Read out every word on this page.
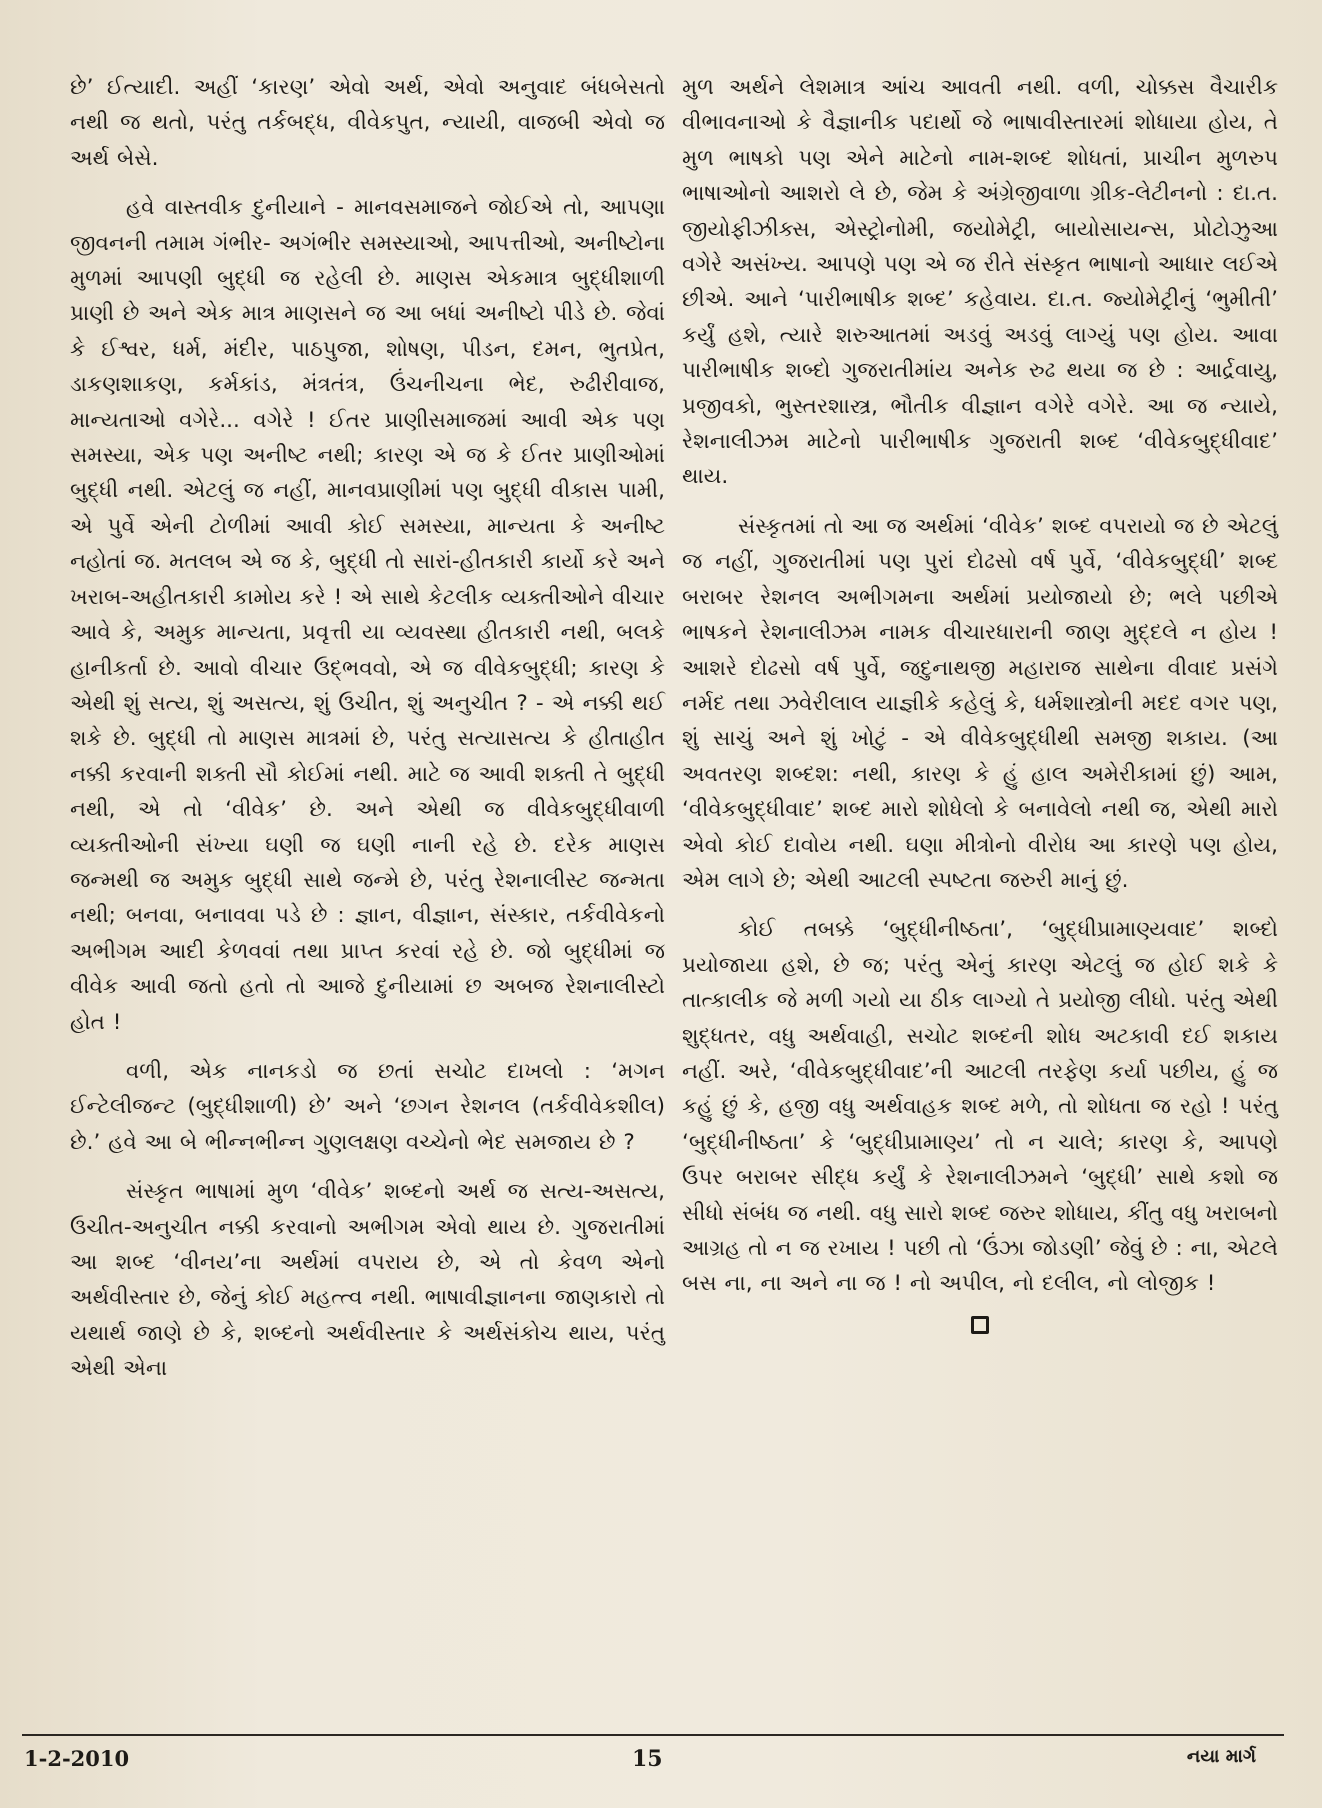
છે’ ઈત્યાદી. અહીં ‘કારણ’ એવો અર્થ, એવો અનુવાદ બંધબેસતો નથી જ થતો, પરંતુ તર્કબદ્ધ, વીવેકપુત, ન્યાયી, વાજબી એવો જ અર્થ બેસે.

હવે વાસ્તવીક દુનીયાને - માનવસમાજને જોઈએ તો, આપણા જીવનની તમામ ગંભીર- અગંભીર સમસ્યાઓ, આપત્તીઓ, અનીષ્ટોના મુળમાં આપણી બુદ્ધી જ રહેલી છે. માણસ એકમાત્ર બુદ્ધીશાળી પ્રાણી છે અને એક માત્ર માણસને જ આ બધાં અનીષ્ટો પીડે છે. જેવાં કે ઈશ્વર, ધર્મ, મંદીર, પાઠપુજા, શોષણ, પીડન, દમન, ભુતપ્રેત, ડાકણશાકણ, કર્મકાંડ, મંત્રતંત્ર, ઉંચનીચના ભેદ, રુઢીરીવાજ, માન્યતાઓ વગેરે... વગેરે ! ઈતર પ્રાણીસમાજમાં આવી એક પણ સમસ્યા, એક પણ અનીષ્ટ નથી; કારણ એ જ કે ઈતર પ્રાણીઓમાં બુદ્ધી નથી. એટલું જ નહીં, માનવપ્રાણીમાં પણ બુદ્ધી વીકાસ પામી, એ પુર્વે એની ટોળીમાં આવી કોઈ સમસ્યા, માન્યતા કે અનીષ્ટ નહોતાં જ. મતલબ એ જ કે, બુદ્ધી તો સારાં-હીતકારી કાર્યો કરે અને ખરાબ-અહીતકારી કામોય કરે ! એ સાથે કેટલીક વ્યક્તીઓને વીચાર આવે કે, અમુક માન્યતા, પ્રવૃત્તી યા વ્યવસ્થા હીતકારી નથી, બલકે હાનીકર્તા છે. આવો વીચાર ઉદ્ભવવો, એ જ વીવેકબુદ્ધી; કારણ કે એથી શું સત્ય, શું અસત્ય, શું ઉચીત, શું અનુચીત ? - એ નક્કી થઈ શકે છે. બુદ્ધી તો માણસ માત્રમાં છે, પરંતુ સત્યાસત્ય કે હીતાહીત નક્કી કરવાની શક્તી સૌ કોઈમાં નથી. માટે જ આવી શક્તી તે બુદ્ધી નથી, એ તો ‘વીવેક’ છે. અને એથી જ વીવેકબુદ્ધીવાળી વ્યક્તીઓની સંખ્યા ઘણી જ ઘણી નાની રહે છે. દરેક માણસ જન્મથી જ અમુક બુદ્ધી સાથે જન્મે છે, પરંતુ રેશનાલીસ્ટ જન્મતા નથી; બનવા, બનાવવા પડે છે : જ્ઞાન, વીજ્ઞાન, સંસ્કાર, તર્કવીવેકનો અભીગમ આદી કેળવવાં તથા પ્રાપ્ત કરવાં રહે છે. જો બુદ્ધીમાં જ વીવેક આવી જતો હતો તો આજે દુનીયામાં છ અબજ રેશનાલીસ્ટો હોત !

વળી, એક નાનકડો જ છતાં સચોટ દાખલો : ‘મગન ઈન્ટેલીજન્ટ (બુદ્ધીશાળી) છે’ અને ‘છગન રેશનલ (તર્કવીવેકશીલ) છે.’ હવે આ બે ભીન્નભીન્ન ગુણલક્ષણ વચ્ચેનો ભેદ સમજાય છે ?

સંસ્કૃત ભાષામાં મુળ ‘વીવેક’ શબ્દનો અર્થ જ સત્ય-અસત્ય, ઉચીત-અનુચીત નક્કી કરવાનો અભીગમ એવો થાય છે. ગુજરાતીમાં આ શબ્દ ‘વીનય’ના અર્થમાં વપરાય છે, એ તો કેવળ એનો અર્થવીસ્તાર છે, જેનું કોઈ મહત્ત્વ નથી. ભાષાવીજ્ઞાનના જાણકારો તો યથાર્થ જાણે છે કે, શબ્દનો અર્થવીસ્તાર કે અર્થસંકોચ થાય, પરંતુ એથી એના

મુળ અર્થને લેશમાત્ર આંચ આવતી નથી. વળી, ચોક્કસ વૈચારીક વીભાવનાઓ કે વૈજ્ઞાનીક પદાર્થો જે ભાષાવીસ્તારમાં શોધાયા હોય, તે મુળ ભાષકો પણ એને માટેનો નામ-શબ્દ શોધતાં, પ્રાચીન મુળરુપ ભાષાઓનો આશરો લે છે, જેમ કે અંગ્રેજીવાળા ગ્રીક-લેટીનનો : દા.ત. જીયોફીઝીક્સ, એસ્ટ્રોનોમી, જયોમેટ્રી, બાયોસાયન્સ, પ્રોટોઝુઆ વગેરે અસંખ્ય. આપણે પણ એ જ રીતે સંસ્કૃત ભાષાનો આધાર લઈએ છીએ. આને ‘પારીભાષીક શબ્દ’ કહેવાય. દા.ત. જ્યોમેટ્રીનું ‘ભુમીતી’ કર્યું હશે, ત્યારે શરુઆતમાં અડવું અડવું લાગ્યું પણ હોય. આવા પારીભાષીક શબ્દો ગુજરાતીમાંય અનેક રુઢ થયા જ છે : આર્દ્રવાયુ, પ્રજીવકો, ભુસ્તરશાસ્ત્ર, ભૌતીક વીજ્ઞાન વગેરે વગેરે. આ જ ન્યાયે, રેશનાલીઝમ માટેનો પારીભાષીક ગુજરાતી શબ્દ ‘વીવેકબુદ્ધીવાદ’ થાય.

સંસ્કૃતમાં તો આ જ અર્થમાં ‘વીવેક’ શબ્દ વપરાયો જ છે એટલું જ નહીં, ગુજરાતીમાં પણ પુરાં દોઢસો વર્ષ પુર્વે, ‘વીવેકબુદ્ધી’ શબ્દ બરાબર રેશનલ અભીગમના અર્થમાં પ્રયોજાયો છે; ભલે પછીએ ભાષકને રેશનાલીઝમ નામક વીચારધારાની જાણ મુદ્દલે ન હોય ! આશરે દોઢસો વર્ષ પુર્વે, જદુનાથજી મહારાજ સાથેના વીવાદ પ્રસંગે નર્મદ તથા ઝવેરીલાલ યાજ્ઞીકે કહેલું કે, ધર્મશાસ્ત્રોની મદદ વગર પણ, શું સાચું અને શું ખોટું - એ વીવેકબુદ્ધીથી સમજી શકાય. (આ અવતરણ શબ્દશ: નથી, કારણ કે હું હાલ અમેરીકામાં છું) આમ, ‘વીવેકબુદ્ધીવાદ’ શબ્દ મારો શોધેલો કે બનાવેલો નથી જ, એથી મારો એવો કોઈ દાવોય નથી. ઘણા મીત્રોનો વીરોધ આ કારણે પણ હોય, એમ લાગે છે; એથી આટલી સ્પષ્ટતા જરુરી માનું છું.

કોઈ તબક્કે ‘બુદ્ધીનીષ્ઠતા’, ‘બુદ્ધીપ્રામાણ્યવાદ’ શબ્દો પ્રયોજાયા હશે, છે જ; પરંતુ એનું કારણ એટલું જ હોઈ શકે કે તાત્કાલીક જે મળી ગયો યા ઠીક લાગ્યો તે પ્રયોજી લીધો. પરંતુ એથી શુદ્ધતર, વધુ અર્થવાહી, સચોટ શબ્દની શોધ અટકાવી દઈ શકાય નહીં. અરે, ‘વીવેકબુદ્ધીવાદ’ની આટલી તરફેણ કર્યા પછીય, હું જ કહું છું કે, હજી વધુ અર્થવાહક શબ્દ મળે, તો શોધતા જ રહો ! પરંતુ ‘બુદ્ધીનીષ્ઠતા’ કે ‘બુદ્ધીપ્રામાણ્ય’ તો ન ચાલે; કારણ કે, આપણે ઉપર બરાબર સીદ્ધ કર્યું કે રેશનાલીઝમને ‘બુદ્ધી’ સાથે કશો જ સીધો સંબંધ જ નથી. વધુ સારો શબ્દ જરુર શોધાય, કીંતુ વધુ ખરાબનો આગ્રહ તો ન જ રખાય ! પછી તો ‘ઉંઝા જોડણી’ જેવું છે : ના, એટલે બસ ના, ના અને ના જ ! નો અપીલ, નો દલીલ, નો લોજીક !

1-2-2010	15	નયા માર્ગ
